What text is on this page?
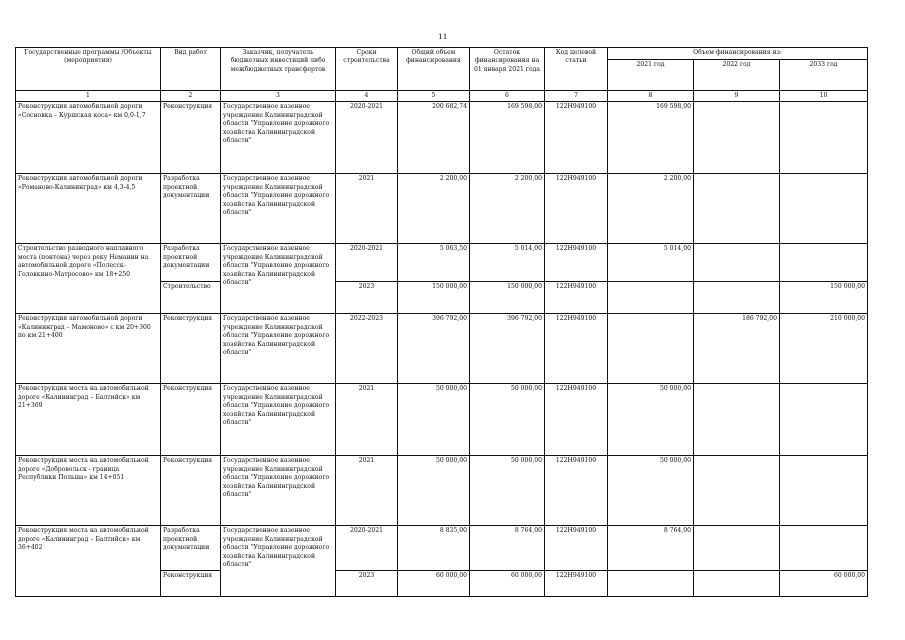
11
Государственные программы /Объекты (мероприятия)	Вид работ	Заказчик, получатель бюджетных инвестиций либо межбюджетных трансфертов	Сроки строительства	Общий объем финансирования	Остаток финансирования на 01 января 2021 года	Код целевой статьи	Объем финансирования из:		
							2021 год	2022 год	2033 год
1	2	3	4	5	6	7	8	9	10
Реконструкция автомобильной дороги «Сосновка – Куршская коса» км 0,0-1,7	Реконструкция	Государственное казенное учреждение Калининградской области "Управление дорожного хозяйства Калининградской области"	2020-2021	200 682,74	169 598,00	122Н949100	169 598,00		
Реконструкция автомобильной дороги «Романово-Калининград» км 4,3-4,5	Разработка проектной документации	Государственное казенное учреждение Калининградской области "Управление дорожного хозяйства Калининградской области"	2021	2 200,00	2 200,00	122Н949100	2 200,00		
Строительство разводного наплавного моста (понтона) через реку Неманин на автомобильной дороге «Полесск-Головкино-Матросово» км 18+250	Разработка проектной документации	Государственное казенное учреждение Калининградской области "Управление дорожного хозяйства Калининградской области"	2020-2021	5 063,50	5 014,00	122Н949100	5 014,00		
	Строительство		2023	150 000,00	150 000,00	122Н949100			150 000,00
Реконструкция автомобильной дороги «Калининград – Мамоново» с км 20+300 по км 21+400	Реконструкция	Государственное казенное учреждение Калининградской области "Управление дорожного хозяйства Калининградской области"	2022-2023	396 792,00	396 792,00	122Н949100		186 792,00	210 000,00
Реконструкция моста на автомобильной дороге «Калининград – Балтийск» км 21+369	Реконструкция	Государственное казенное учреждение Калининградской области "Управление дорожного хозяйства Калининградской области"	2021	50 000,00	50 000,00	122Н949100	50 000,00		
Реконструкция моста на автомобильной дороге «Добровольск - граница Республики Польша» км 14+051	Реконструкция	Государственное казенное учреждение Калининградской области "Управление дорожного хозяйства Калининградской области"	2021	50 000,00	50 000,00	122Н949100	50 000,00		
Реконструкция моста на автомобильной дороге «Калининград – Балтийск» км 36+402	Разработка проектной документации	Государственное казенное учреждение Калининградской области "Управление дорожного хозяйства Калининградской области"	2020-2021	8 835,00	8 764,00	122Н949100	8 764,00		
	Реконструкция		2023	60 000,00	60 000,00	122Н949100			60 000,00
